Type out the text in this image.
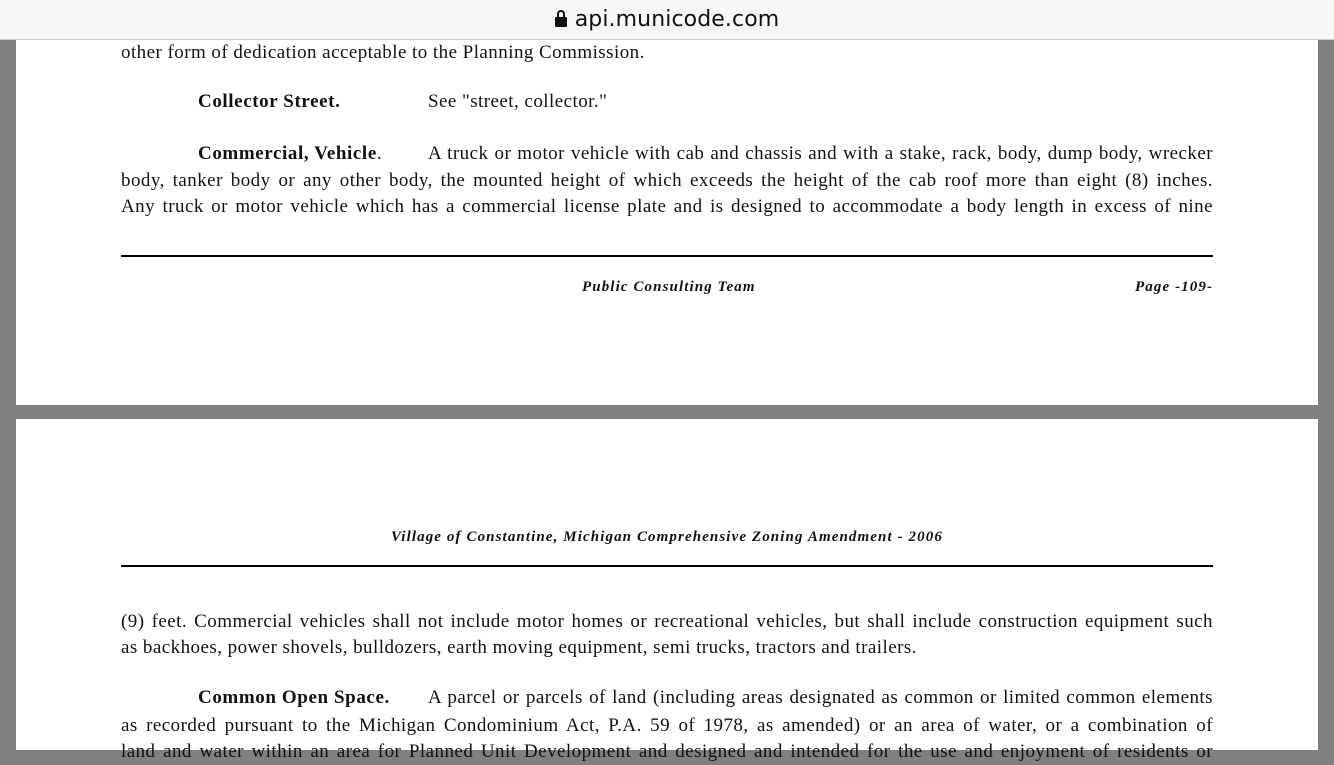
api.municode.com
other form of dedication acceptable to the Planning Commission.
Collector Street.	See "street, collector."
Commercial, Vehicle. A truck or motor vehicle with cab and chassis and with a stake, rack, body, dump body, wrecker
body, tanker body or any other body, the mounted height of which exceeds the height of the cab roof more than eight (8) inches.
Any truck or motor vehicle which has a commercial license plate and is designed to accommodate a body length in excess of nine
Public Consulting Team	Page -109-
Village of Constantine, Michigan Comprehensive Zoning Amendment - 2006
(9) feet. Commercial vehicles shall not include motor homes or recreational vehicles, but shall include construction equipment such
as backhoes, power shovels, bulldozers, earth moving equipment, semi trucks, tractors and trailers.
Common Open Space. A parcel or parcels of land (including areas designated as common or limited common elements
as recorded pursuant to the Michigan Condominium Act, P.A. 59 of 1978, as amended) or an area of water, or a combination of
land and water within an area for Planned Unit Development and designed and intended for the use and enjoyment of residents or
